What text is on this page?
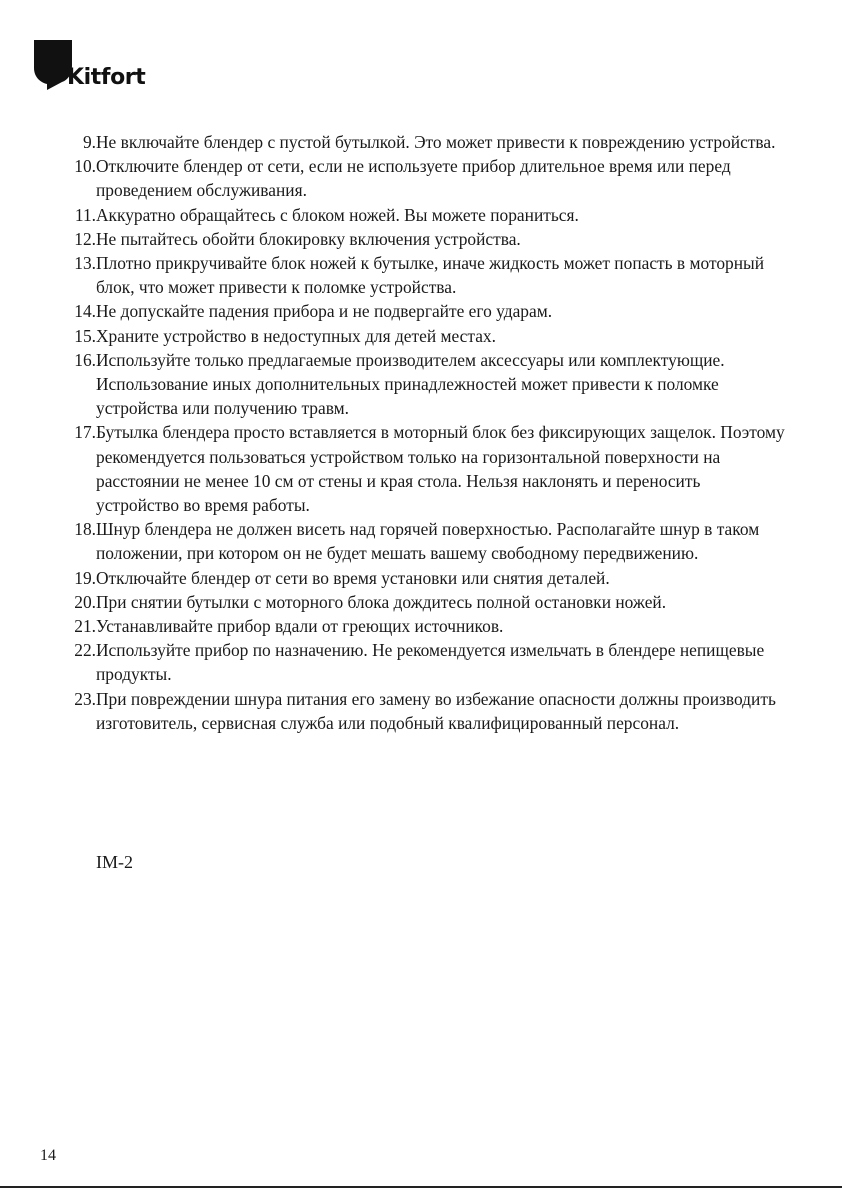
Kitfort
9. Не включайте блендер с пустой бутылкой. Это может привести к повреждению устройства.
10. Отключите блендер от сети, если не используете прибор длительное время или перед проведением обслуживания.
11. Аккуратно обращайтесь с блоком ножей. Вы можете пораниться.
12. Не пытайтесь обойти блокировку включения устройства.
13. Плотно прикручивайте блок ножей к бутылке, иначе жидкость может попасть в моторный блок, что может привести к поломке устройства.
14. Не допускайте падения прибора и не подвергайте его ударам.
15. Храните устройство в недоступных для детей местах.
16. Используйте только предлагаемые производителем аксессуары или комплектующие. Использование иных дополнительных принадлежностей может привести к поломке устройства или получению травм.
17. Бутылка блендера просто вставляется в моторный блок без фиксирующих защелок. Поэтому рекомендуется пользоваться устройством только на горизонтальной поверхности на расстоянии не менее 10 см от стены и края стола. Нельзя наклонять и переносить устройство во время работы.
18. Шнур блендера не должен висеть над горячей поверхностью. Располагайте шнур в таком положении, при котором он не будет мешать вашему свободному передвижению.
19. Отключайте блендер от сети во время установки или снятия деталей.
20. При снятии бутылки с моторного блока дождитесь полной остановки ножей.
21. Устанавливайте прибор вдали от греющих источников.
22. Используйте прибор по назначению. Не рекомендуется измельчать в блендере непищевые продукты.
23. При повреждении шнура питания его замену во избежание опасности должны производить изготовитель, сервисная служба или подобный квалифицированный персонал.
IM-2
14
